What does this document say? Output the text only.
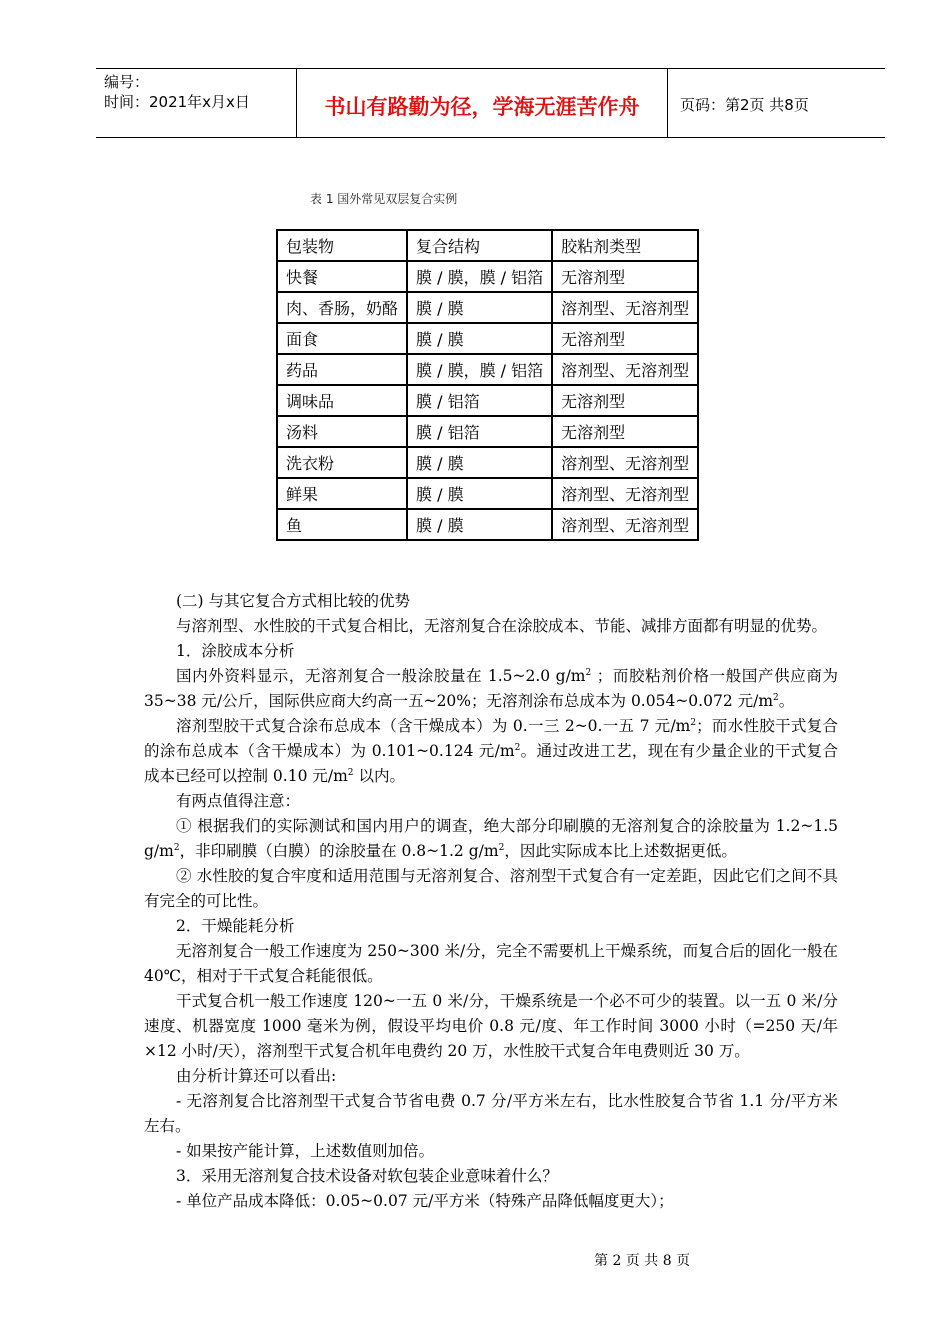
编号：
时间：2021年x月x日	书山有路勤为径，学海无涯苦作舟	页码：第2页 共8页
表 1 国外常见双层复合实例
包装物	复合结构	胶粘剂类型
快餐	膜 / 膜，膜 / 铝箔	无溶剂型
肉、香肠，奶酪	膜 / 膜	溶剂型、无溶剂型
面食	膜 / 膜	无溶剂型
药品	膜 / 膜，膜 / 铝箔	溶剂型、无溶剂型
调味品	膜 / 铝箔	无溶剂型
汤料	膜 / 铝箔	无溶剂型
洗衣粉	膜 / 膜	溶剂型、无溶剂型
鲜果	膜 / 膜	溶剂型、无溶剂型
鱼	膜 / 膜	溶剂型、无溶剂型

(二) 与其它复合方式相比较的优势

与溶剂型、水性胶的干式复合相比，无溶剂复合在涂胶成本、节能、减排方面都有明显的优势。

1．涂胶成本分析

国内外资料显示，无溶剂复合一般涂胶量在 1.5~2.0 $g/m^2$ ；而胶粘剂价格一般国产供应商为 35~38 元/公斤，国际供应商大约高一五~20%；无溶剂涂布总成本为 0.054~0.072 元$/m^2$。

溶剂型胶干式复合涂布总成本（含干燥成本）为 0.一三 2~0.一五 7 元$/m^2$；而水性胶干式复合的涂布总成本（含干燥成本）为 0.101~0.124 元$/m^2$。通过改进工艺，现在有少量企业的干式复合成本已经可以控制 0.10 元$/m^2$ 以内。

有两点值得注意：

① 根据我们的实际测试和国内用户的调查，绝大部分印刷膜的无溶剂复合的涂胶量为 1.2~1.5 $g/m^2$，非印刷膜（白膜）的涂胶量在 0.8~1.2 $g/m^2$，因此实际成本比上述数据更低。

② 水性胶的复合牢度和适用范围与无溶剂复合、溶剂型干式复合有一定差距，因此它们之间不具有完全的可比性。

2．干燥能耗分析

无溶剂复合一般工作速度为 250~300 米/分，完全不需要机上干燥系统，而复合后的固化一般在 40℃，相对于干式复合耗能很低。

干式复合机一般工作速度 120~一五 0 米/分，干燥系统是一个必不可少的装置。以一五 0 米/分速度、机器宽度 1000 毫米为例，假设平均电价 0.8 元/度、年工作时间 3000 小时（=250 天/年×12 小时/天），溶剂型干式复合机年电费约 20 万，水性胶干式复合年电费则近 30 万。

由分析计算还可以看出:

- 无溶剂复合比溶剂型干式复合节省电费 0.7 分/平方米左右，比水性胶复合节省 1.1 分/平方米左右。

- 如果按产能计算，上述数值则加倍。

3．采用无溶剂复合技术设备对软包装企业意味着什么？

- 单位产品成本降低：0.05~0.07 元/平方米（特殊产品降低幅度更大）；

第 2 页 共 8 页
